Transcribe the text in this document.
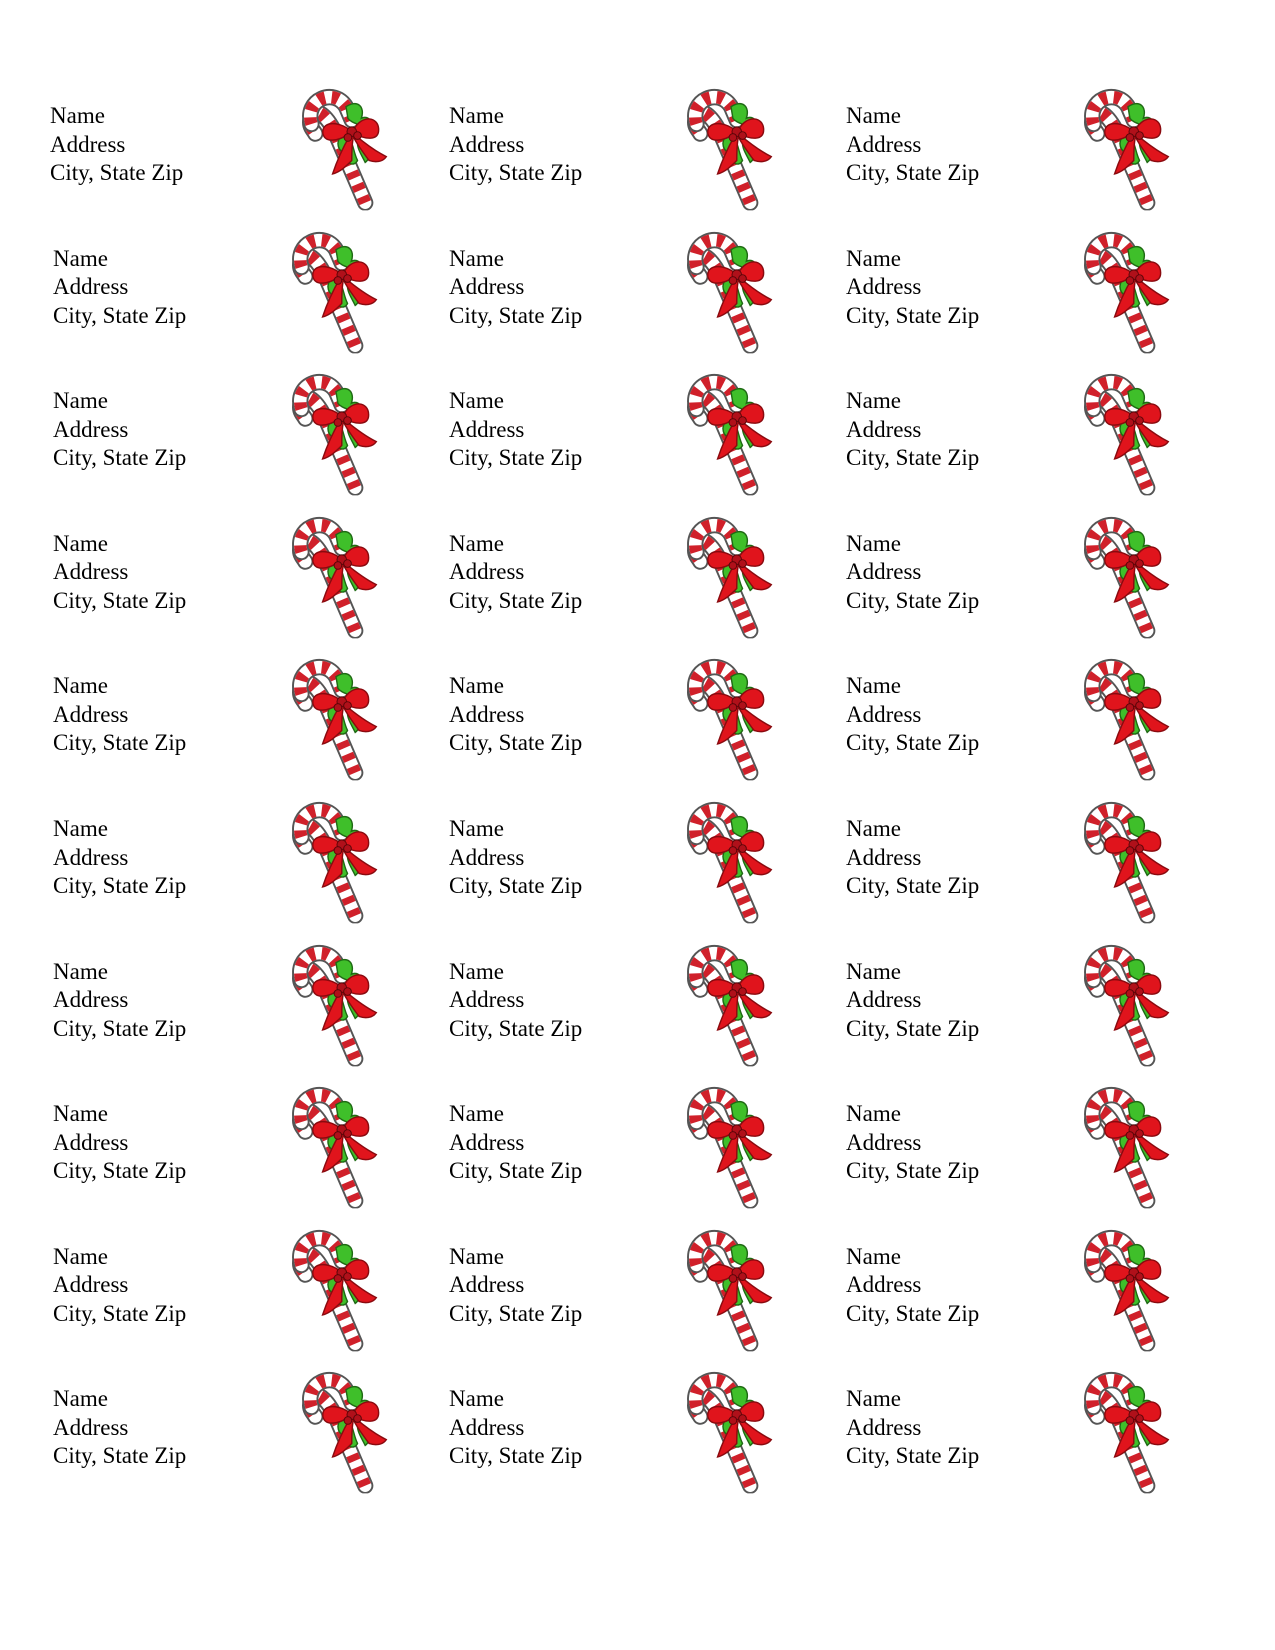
Name
Address
City, State Zip
Name
Address
City, State Zip
Name
Address
City, State Zip
Name
Address
City, State Zip
Name
Address
City, State Zip
Name
Address
City, State Zip
Name
Address
City, State Zip
Name
Address
City, State Zip
Name
Address
City, State Zip
Name
Address
City, State Zip
Name
Address
City, State Zip
Name
Address
City, State Zip
Name
Address
City, State Zip
Name
Address
City, State Zip
Name
Address
City, State Zip
Name
Address
City, State Zip
Name
Address
City, State Zip
Name
Address
City, State Zip
Name
Address
City, State Zip
Name
Address
City, State Zip
Name
Address
City, State Zip
Name
Address
City, State Zip
Name
Address
City, State Zip
Name
Address
City, State Zip
Name
Address
City, State Zip
Name
Address
City, State Zip
Name
Address
City, State Zip
Name
Address
City, State Zip
Name
Address
City, State Zip
Name
Address
City, State Zip
